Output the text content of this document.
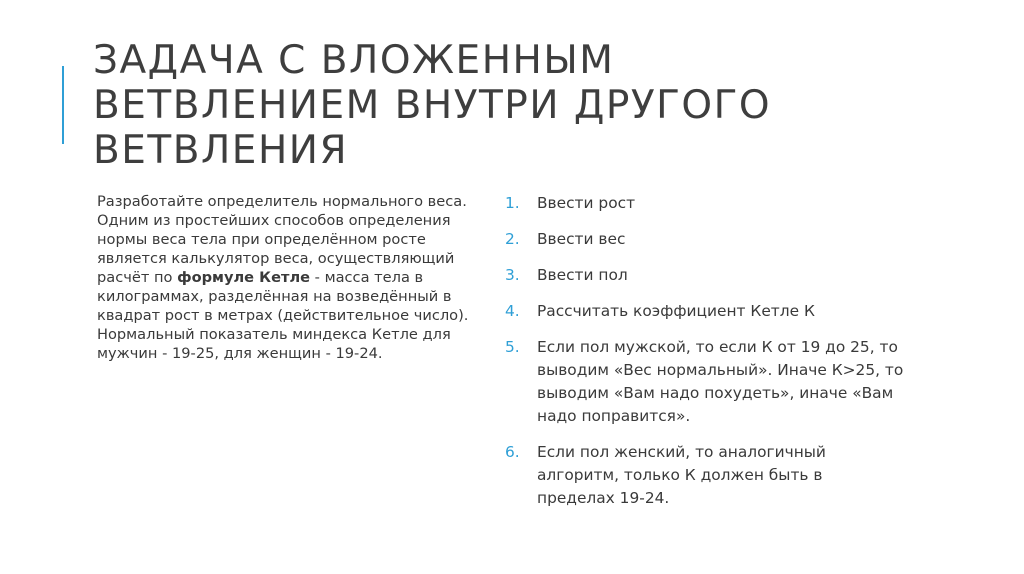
ЗАДАЧА С ВЛОЖЕННЫМ
ВЕТВЛЕНИЕМ ВНУТРИ ДРУГОГО
ВЕТВЛЕНИЯ
Разработайте определитель нормального веса. Одним из простейших способов определения нормы веса тела при определённом росте является калькулятор веса, осуществляющий расчёт по формуле Кетле - масса тела в килограммах, разделённая на возведённый в квадрат рост в метрах (действительное число). Нормальный показатель миндекса Кетле для мужчин - 19-25, для женщин - 19-24.
1. Ввести рост
2. Ввести вес
3. Ввести пол
4. Рассчитать коэффициент Кетле К
5. Если пол мужской, то если К от 19 до 25, то выводим «Вес нормальный». Иначе К>25, то выводим «Вам надо похудеть», иначе «Вам надо поправится».
6. Если пол женский, то аналогичный алгоритм, только К должен быть в пределах 19-24.
